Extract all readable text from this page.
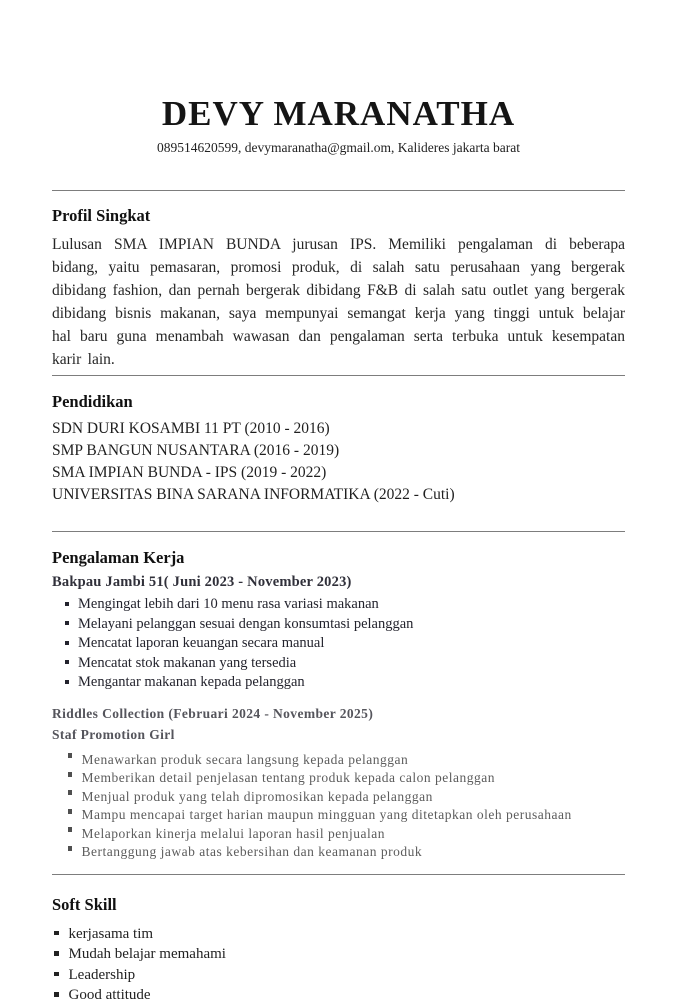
DEVY MARANATHA
089514620599, devymaranatha@gmail.om, Kalideres jakarta barat
Profil Singkat

Lulusan SMA IMPIAN BUNDA jurusan IPS. Memiliki pengalaman di beberapa bidang, yaitu pemasaran, promosi produk, di salah satu perusahaan yang bergerak dibidang fashion, dan pernah bergerak dibidang F&B di salah satu outlet yang bergerak dibidang bisnis makanan, saya mempunyai semangat kerja yang tinggi untuk belajar hal baru guna menambah wawasan dan pengalaman serta terbuka untuk kesempatan karir lain.

Pendidikan
SDN DURI KOSAMBI 11 PT (2010 - 2016)
SMP BANGUN NUSANTARA (2016 - 2019)
SMA IMPIAN BUNDA - IPS (2019 - 2022)
UNIVERSITAS BINA SARANA INFORMATIKA (2022 - Cuti)
Pengalaman Kerja
Bakpau Jambi 51( Juni 2023 - November 2023)
Mengingat lebih dari 10 menu rasa variasi makanan
Melayani pelanggan sesuai dengan konsumtasi pelanggan
Mencatat laporan keuangan secara manual
Mencatat stok makanan yang tersedia
Mengantar makanan kepada pelanggan
Riddles Collection (Februari 2024 - November 2025)
Staf Promotion Girl
Menawarkan produk secara langsung kepada pelanggan
Memberikan detail penjelasan tentang produk kepada calon pelanggan
Menjual produk yang telah dipromosikan kepada pelanggan
Mampu mencapai target harian maupun mingguan yang ditetapkan oleh perusahaan
Melaporkan kinerja melalui laporan hasil penjualan
Bertanggung jawab atas kebersihan dan keamanan produk
Soft Skill
kerjasama tim
Mudah belajar memahami
Leadership
Good attitude
